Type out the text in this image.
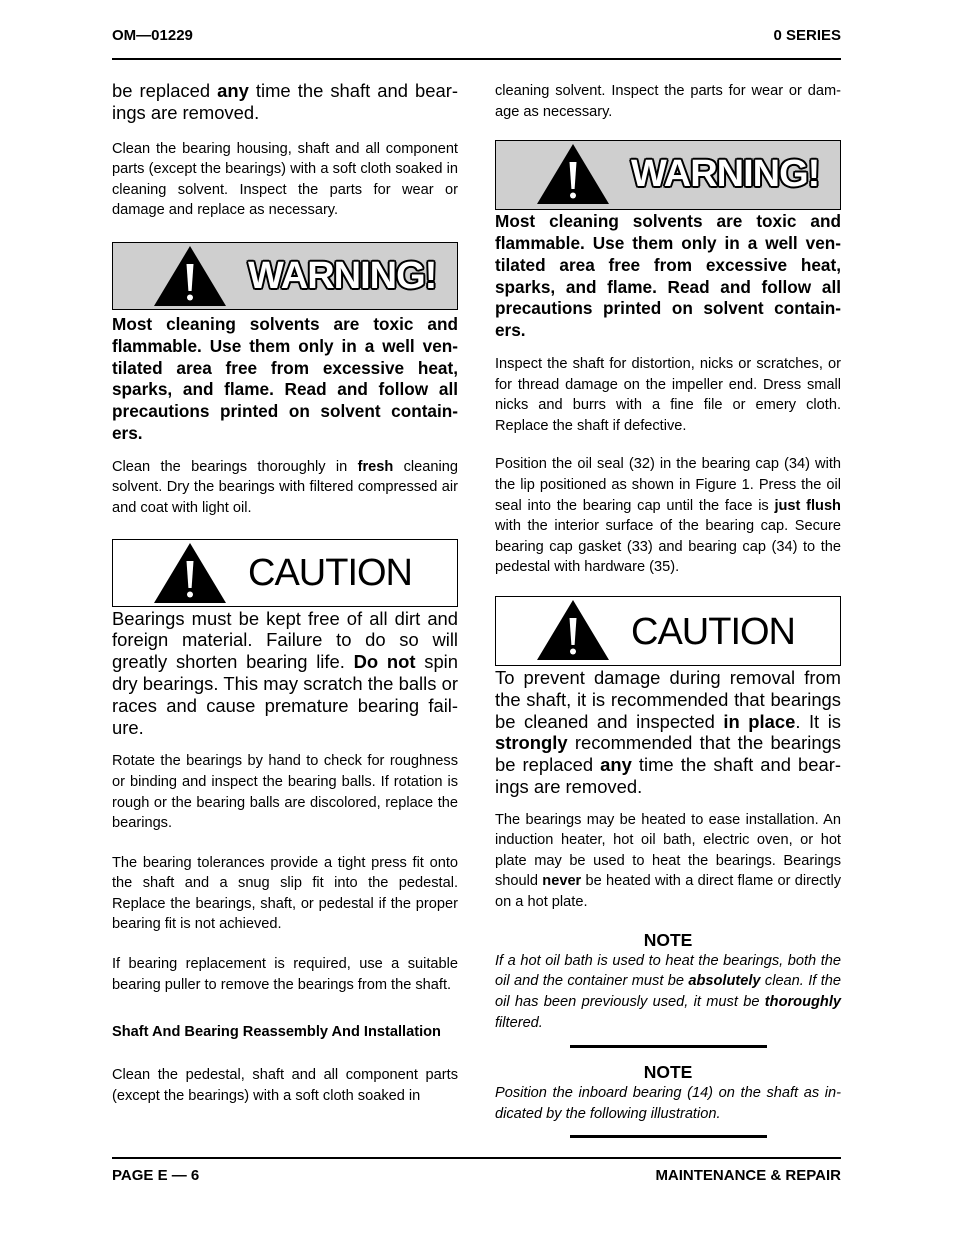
OM—01229	0 SERIES

be replaced any time the shaft and bearings are removed.

Clean the bearing housing, shaft and all component parts (except the bearings) with a soft cloth soaked in cleaning solvent. Inspect the parts for wear or damage and replace as necessary.

WARNING!

Most cleaning solvents are toxic and flammable. Use them only in a well ventilated area free from excessive heat, sparks, and flame. Read and follow all precautions printed on solvent containers.

Clean the bearings thoroughly in fresh cleaning solvent. Dry the bearings with filtered compressed air and coat with light oil.

CAUTION

Bearings must be kept free of all dirt and foreign material. Failure to do so will greatly shorten bearing life. Do not spin dry bearings. This may scratch the balls or races and cause premature bearing failure.

Rotate the bearings by hand to check for roughness or binding and inspect the bearing balls. If rotation is rough or the bearing balls are discolored, replace the bearings.

The bearing tolerances provide a tight press fit onto the shaft and a snug slip fit into the pedestal. Replace the bearings, shaft, or pedestal if the proper bearing fit is not achieved.

If bearing replacement is required, use a suitable bearing puller to remove the bearings from the shaft.

Shaft And Bearing Reassembly And Installation

Clean the pedestal, shaft and all component parts (except the bearings) with a soft cloth soaked in

cleaning solvent. Inspect the parts for wear or damage as necessary.

WARNING!

Most cleaning solvents are toxic and flammable. Use them only in a well ventilated area free from excessive heat, sparks, and flame. Read and follow all precautions printed on solvent containers.

Inspect the shaft for distortion, nicks or scratches, or for thread damage on the impeller end. Dress small nicks and burrs with a fine file or emery cloth. Replace the shaft if defective.

Position the oil seal (32) in the bearing cap (34) with the lip positioned as shown in Figure 1. Press the oil seal into the bearing cap until the face is just flush with the interior surface of the bearing cap. Secure bearing cap gasket (33) and bearing cap (34) to the pedestal with hardware (35).

CAUTION

To prevent damage during removal from the shaft, it is recommended that bearings be cleaned and inspected in place. It is strongly recommended that the bearings be replaced any time the shaft and bearings are removed.

The bearings may be heated to ease installation. An induction heater, hot oil bath, electric oven, or hot plate may be used to heat the bearings. Bearings should never be heated with a direct flame or directly on a hot plate.

NOTE

If a hot oil bath is used to heat the bearings, both the oil and the container must be absolutely clean. If the oil has been previously used, it must be thoroughly filtered.

NOTE

Position the inboard bearing (14) on the shaft as indicated by the following illustration.

PAGE E — 6	MAINTENANCE & REPAIR
